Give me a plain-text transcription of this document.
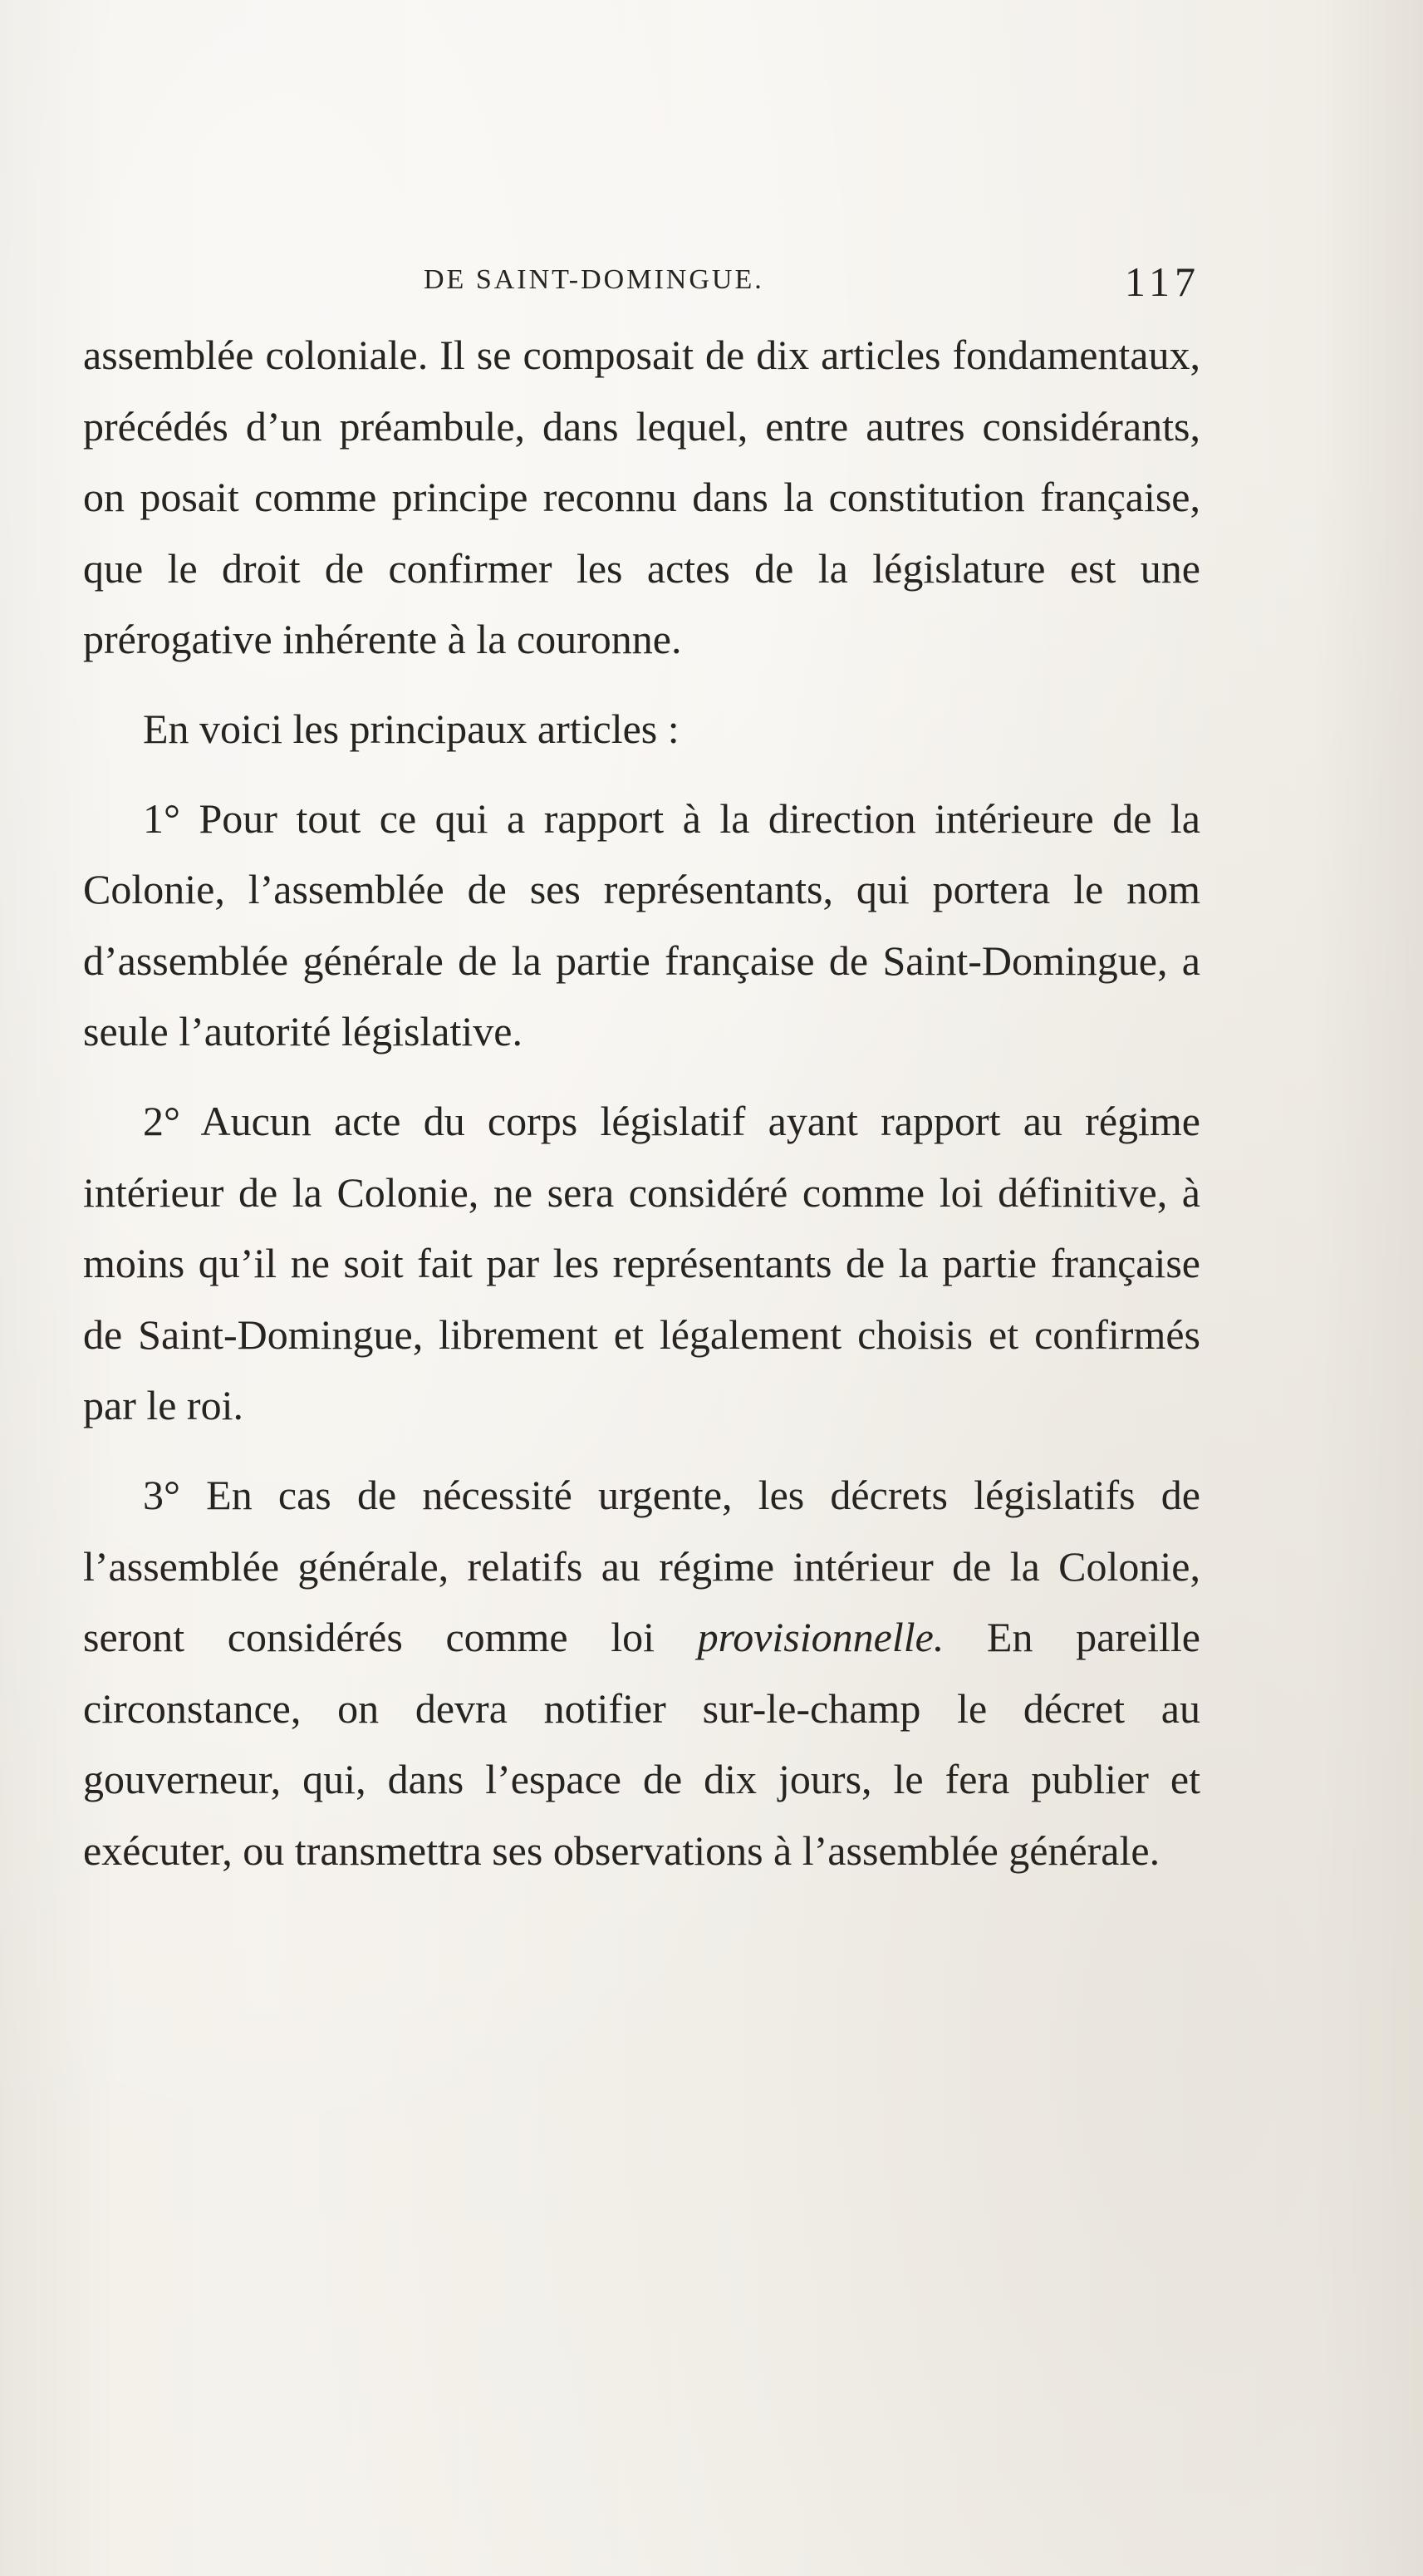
DE SAINT-DOMINGUE.	117

assemblée coloniale. Il se composait de dix articles fondamentaux, précédés d’un préambule, dans lequel, entre autres considérants, on posait comme principe reconnu dans la constitution française, que le droit de confirmer les actes de la législature est une prérogative inhérente à la couronne.

En voici les principaux articles :

1° Pour tout ce qui a rapport à la direction intérieure de la Colonie, l’assemblée de ses représentants, qui portera le nom d’assemblée générale de la partie française de Saint-Domingue, a seule l’autorité législative.

2° Aucun acte du corps législatif ayant rapport au régime intérieur de la Colonie, ne sera considéré comme loi définitive, à moins qu’il ne soit fait par les représentants de la partie française de Saint-Domingue, librement et légalement choisis et confirmés par le roi.

3° En cas de nécessité urgente, les décrets législatifs de l’assemblée générale, relatifs au régime intérieur de la Colonie, seront considérés comme loi provisionnelle. En pareille circonstance, on devra notifier sur-le-champ le décret au gouverneur, qui, dans l’espace de dix jours, le fera publier et exécuter, ou transmettra ses observations à l’assemblée générale.
